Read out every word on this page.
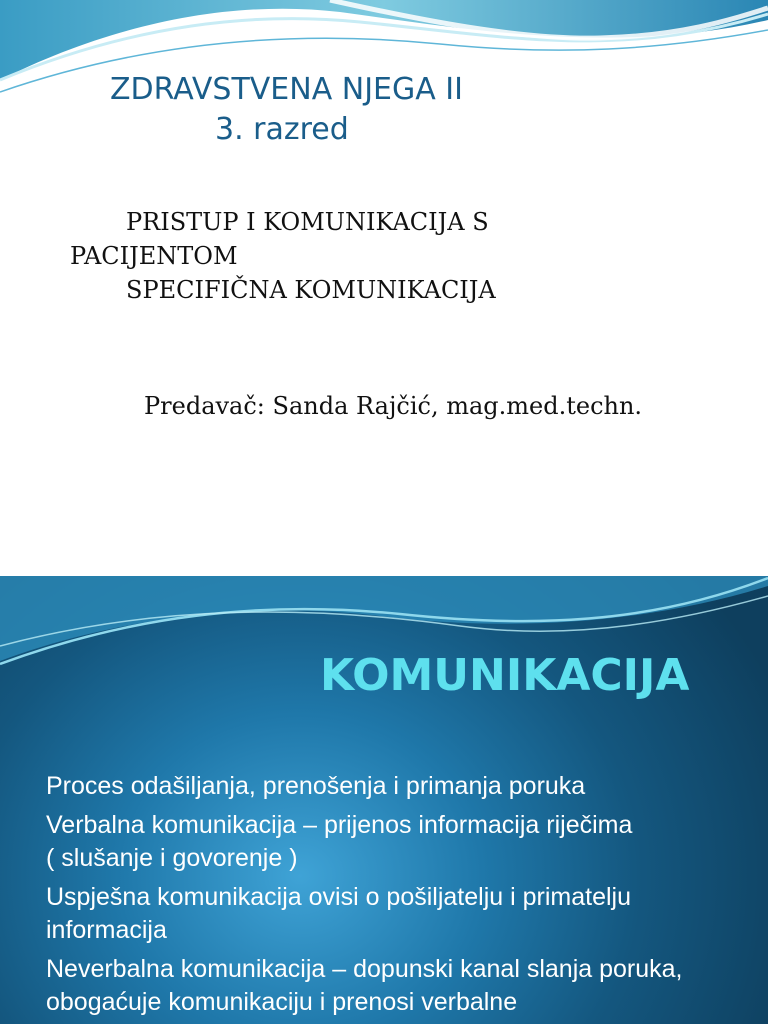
ZDRAVSTVENA NJEGA II
3. razred
PRISTUP I KOMUNIKACIJA S
PACIJENTOM
SPECIFIČNA KOMUNIKACIJA
Predavač: Sanda Rajčić, mag.med.techn.
KOMUNIKACIJA
Proces odašiljanja, prenošenja i primanja poruka
Verbalna komunikacija – prijenos informacija riječima
( slušanje i govorenje )
Uspješna komunikacija ovisi o pošiljatelju i primatelju informacija
Neverbalna komunikacija – dopunski kanal slanja poruka, obogaćuje komunikaciju i prenosi verbalne
